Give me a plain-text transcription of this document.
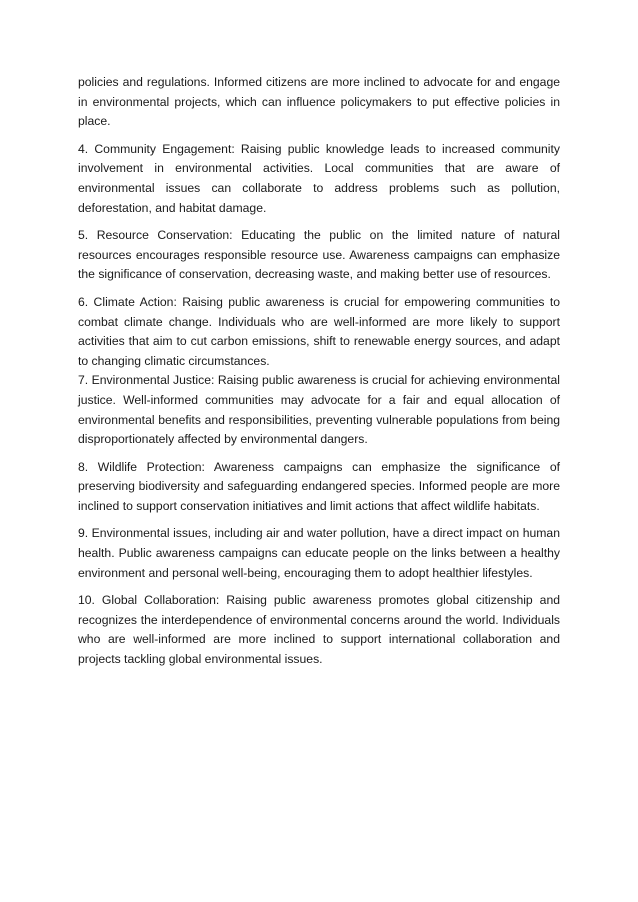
policies and regulations. Informed citizens are more inclined to advocate for and engage in environmental projects, which can influence policymakers to put effective policies in place.

4. Community Engagement: Raising public knowledge leads to increased community involvement in environmental activities. Local communities that are aware of environmental issues can collaborate to address problems such as pollution, deforestation, and habitat damage.

5. Resource Conservation: Educating the public on the limited nature of natural resources encourages responsible resource use. Awareness campaigns can emphasize the significance of conservation, decreasing waste, and making better use of resources.

6. Climate Action: Raising public awareness is crucial for empowering communities to combat climate change. Individuals who are well-informed are more likely to support activities that aim to cut carbon emissions, shift to renewable energy sources, and adapt to changing climatic circumstances.

7. Environmental Justice: Raising public awareness is crucial for achieving environmental justice. Well-informed communities may advocate for a fair and equal allocation of environmental benefits and responsibilities, preventing vulnerable populations from being disproportionately affected by environmental dangers.

8. Wildlife Protection: Awareness campaigns can emphasize the significance of preserving biodiversity and safeguarding endangered species. Informed people are more inclined to support conservation initiatives and limit actions that affect wildlife habitats.

9. Environmental issues, including air and water pollution, have a direct impact on human health. Public awareness campaigns can educate people on the links between a healthy environment and personal well-being, encouraging them to adopt healthier lifestyles.

10. Global Collaboration: Raising public awareness promotes global citizenship and recognizes the interdependence of environmental concerns around the world. Individuals who are well-informed are more inclined to support international collaboration and projects tackling global environmental issues.
